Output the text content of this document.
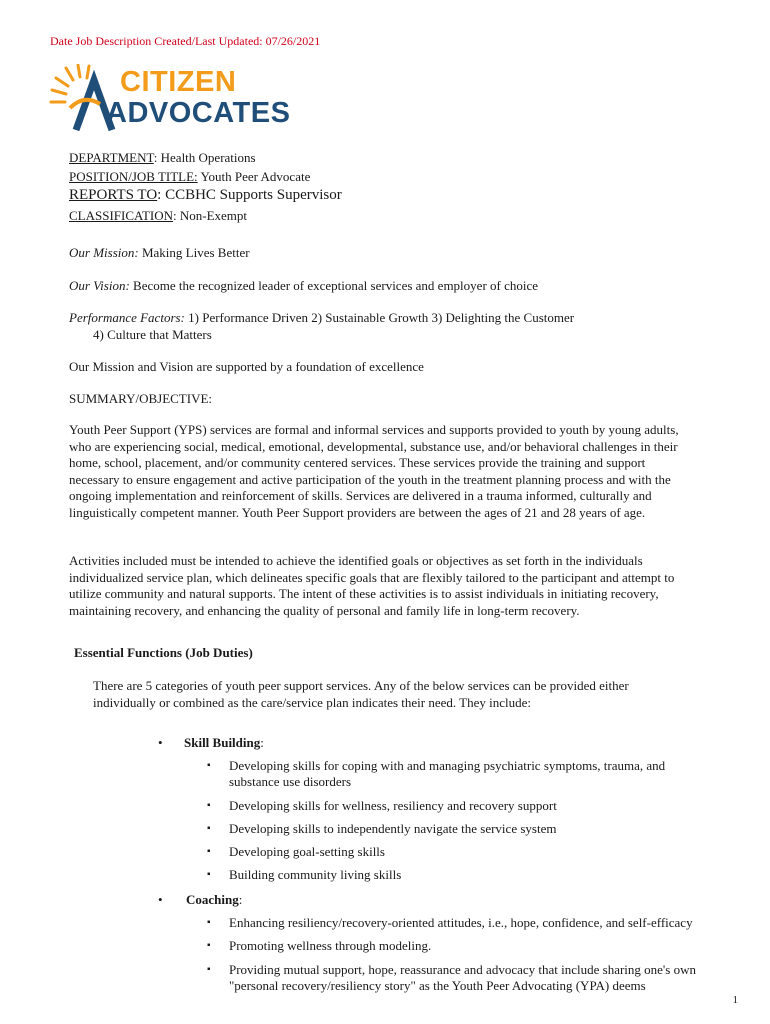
Date Job Description Created/Last Updated: 07/26/2021
CITIZEN
ADVOCATES
DEPARTMENT: Health Operations
POSITION/JOB TITLE: Youth Peer Advocate
REPORTS TO: CCBHC Supports Supervisor
CLASSIFICATION: Non-Exempt
Our Mission: Making Lives Better
Our Vision: Become the recognized leader of exceptional services and employer of choice
Performance Factors: 1) Performance Driven 2) Sustainable Growth 3) Delighting the Customer
4) Culture that Matters
Our Mission and Vision are supported by a foundation of excellence
SUMMARY/OBJECTIVE:
Youth Peer Support (YPS) services are formal and informal services and supports provided to youth by young adults, who are experiencing social, medical, emotional, developmental, substance use, and/or behavioral challenges in their home, school, placement, and/or community centered services. These services provide the training and support necessary to ensure engagement and active participation of the youth in the treatment planning process and with the ongoing implementation and reinforcement of skills. Services are delivered in a trauma informed, culturally and linguistically competent manner. Youth Peer Support providers are between the ages of 21 and 28 years of age.
Activities included must be intended to achieve the identified goals or objectives as set forth in the individuals individualized service plan, which delineates specific goals that are flexibly tailored to the participant and attempt to utilize community and natural supports. The intent of these activities is to assist individuals in initiating recovery, maintaining recovery, and enhancing the quality of personal and family life in long-term recovery.
Essential Functions (Job Duties)
There are 5 categories of youth peer support services. Any of the below services can be provided either individually or combined as the care/service plan indicates their need. They include:
• Skill Building:
▪ Developing skills for coping with and managing psychiatric symptoms, trauma, and substance use disorders
▪ Developing skills for wellness, resiliency and recovery support
▪ Developing skills to independently navigate the service system
▪ Developing goal-setting skills
▪ Building community living skills
• Coaching:
▪ Enhancing resiliency/recovery-oriented attitudes, i.e., hope, confidence, and self-efficacy
▪ Promoting wellness through modeling.
▪ Providing mutual support, hope, reassurance and advocacy that include sharing one's own "personal recovery/resiliency story" as the Youth Peer Advocating (YPA) deems
1
